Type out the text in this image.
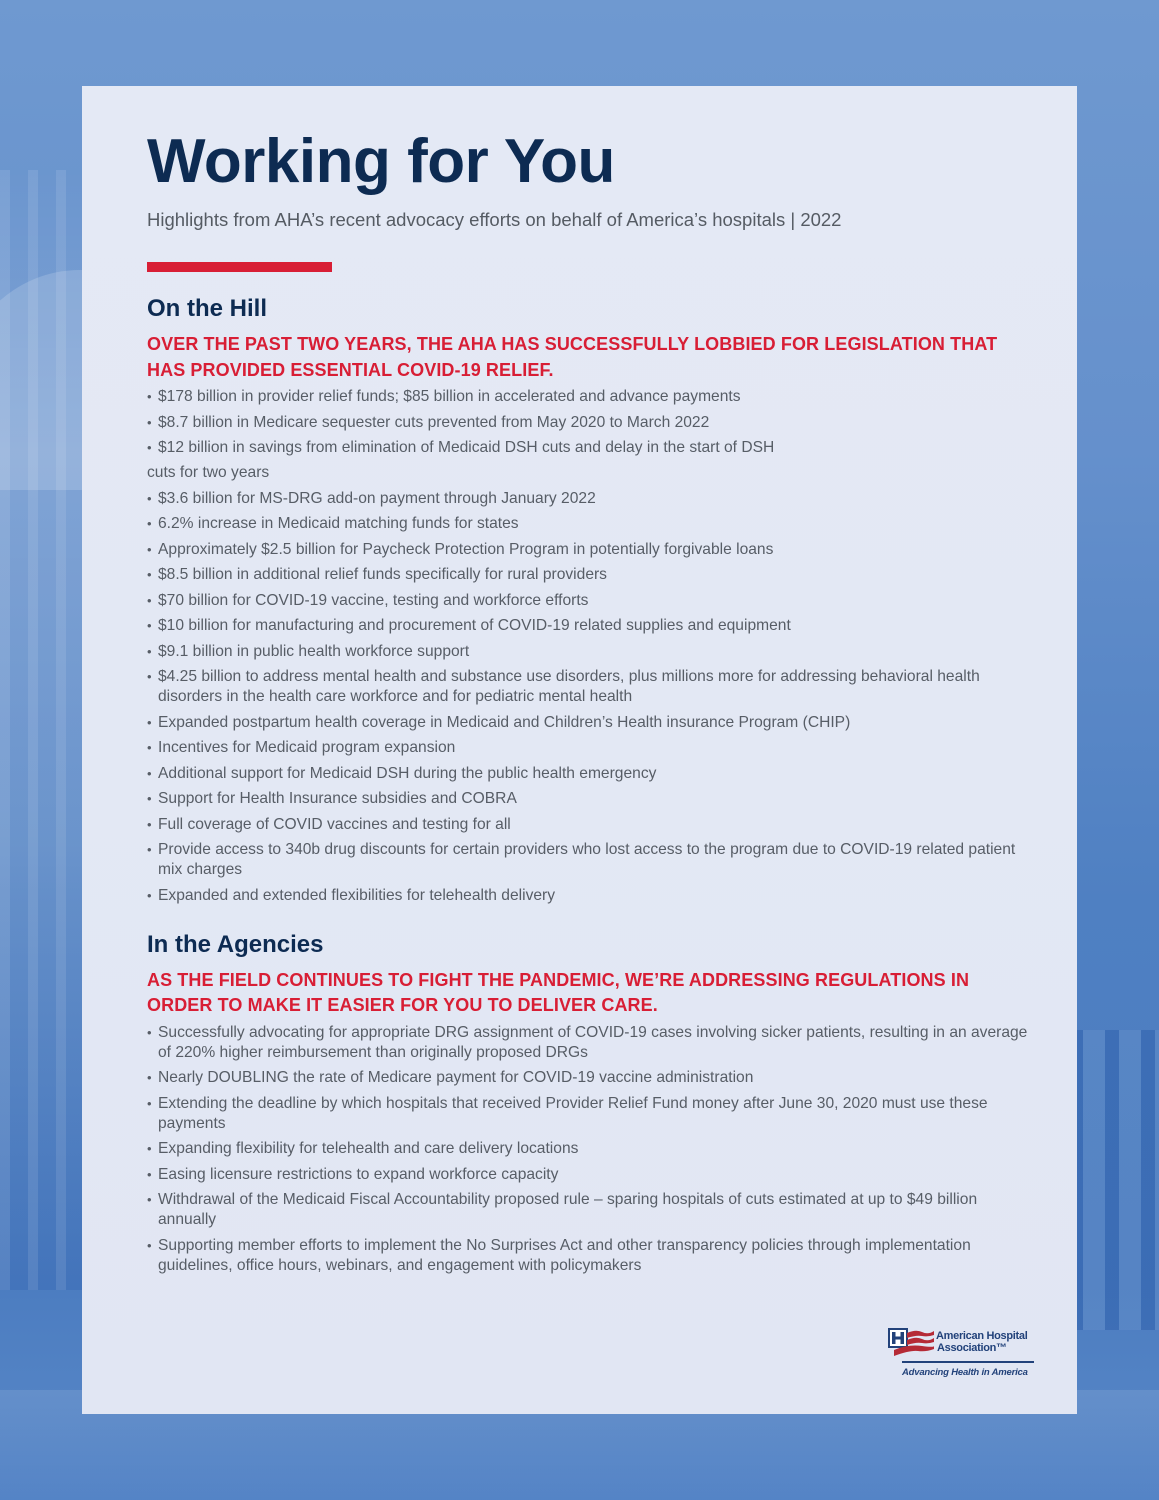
Working for You

Highlights from AHA’s recent advocacy efforts on behalf of America’s hospitals | 2022

On the Hill

OVER THE PAST TWO YEARS, THE AHA HAS SUCCESSFULLY LOBBIED FOR LEGISLATION THAT HAS PROVIDED ESSENTIAL COVID-19 RELIEF.

• $178 billion in provider relief funds; $85 billion in accelerated and advance payments
• $8.7 billion in Medicare sequester cuts prevented from May 2020 to March 2022
• $12 billion in savings from elimination of Medicaid DSH cuts and delay in the start of DSH
cuts for two years
• $3.6 billion for MS-DRG add-on payment through January 2022
• 6.2% increase in Medicaid matching funds for states
• Approximately $2.5 billion for Paycheck Protection Program in potentially forgivable loans
• $8.5 billion in additional relief funds specifically for rural providers
• $70 billion for COVID-19 vaccine, testing and workforce efforts
• $10 billion for manufacturing and procurement of COVID-19 related supplies and equipment
• $9.1 billion in public health workforce support
• $4.25 billion to address mental health and substance use disorders, plus millions more for addressing behavioral health disorders in the health care workforce and for pediatric mental health
• Expanded postpartum health coverage in Medicaid and Children’s Health insurance Program (CHIP)
• Incentives for Medicaid program expansion
• Additional support for Medicaid DSH during the public health emergency
• Support for Health Insurance subsidies and COBRA
• Full coverage of COVID vaccines and testing for all
• Provide access to 340b drug discounts for certain providers who lost access to the program due to COVID-19 related patient mix charges
• Expanded and extended flexibilities for telehealth delivery
In the Agencies

AS THE FIELD CONTINUES TO FIGHT THE PANDEMIC, WE’RE ADDRESSING REGULATIONS IN ORDER TO MAKE IT EASIER FOR YOU TO DELIVER CARE.

• Successfully advocating for appropriate DRG assignment of COVID-19 cases involving sicker patients, resulting in an average of 220% higher reimbursement than originally proposed DRGs
• Nearly DOUBLING the rate of Medicare payment for COVID-19 vaccine administration
• Extending the deadline by which hospitals that received Provider Relief Fund money after June 30, 2020 must use these payments
• Expanding flexibility for telehealth and care delivery locations
• Easing licensure restrictions to expand workforce capacity
• Withdrawal of the Medicaid Fiscal Accountability proposed rule – sparing hospitals of cuts estimated at up to $49 billion annually
• Supporting member efforts to implement the No Surprises Act and other transparency policies through implementation guidelines, office hours, webinars, and engagement with policymakers
American Hospital
Association™
Advancing Health in America
